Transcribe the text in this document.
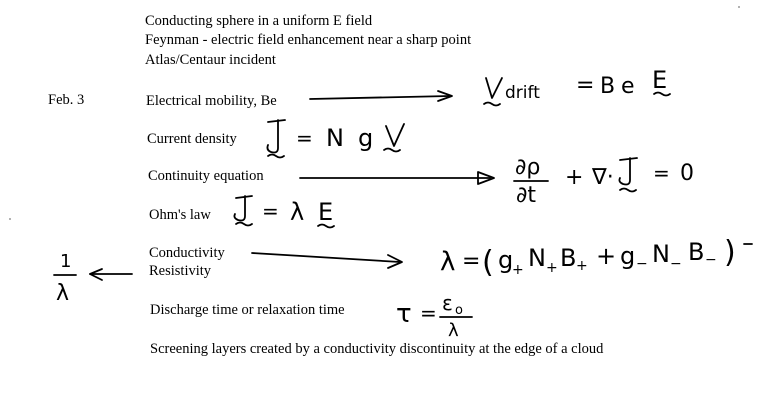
Conducting sphere in a uniform E field
Feynman - electric field enhancement near a sharp point
Atlas/Centaur incident
Feb. 3	Electrical mobility, Be
Current density
Continuity equation
Ohm's law
Conductivity
Resistivity
Discharge time or relaxation time
Screening layers created by a conductivity discontinuity at the edge of a cloud
drift = B e E
= N g
∂ρ
∂t
+ ∇· = 0
= λ E
λ = ( g
+ N + B + + g − N − B − )
1
λ
τ = ε o
λ
